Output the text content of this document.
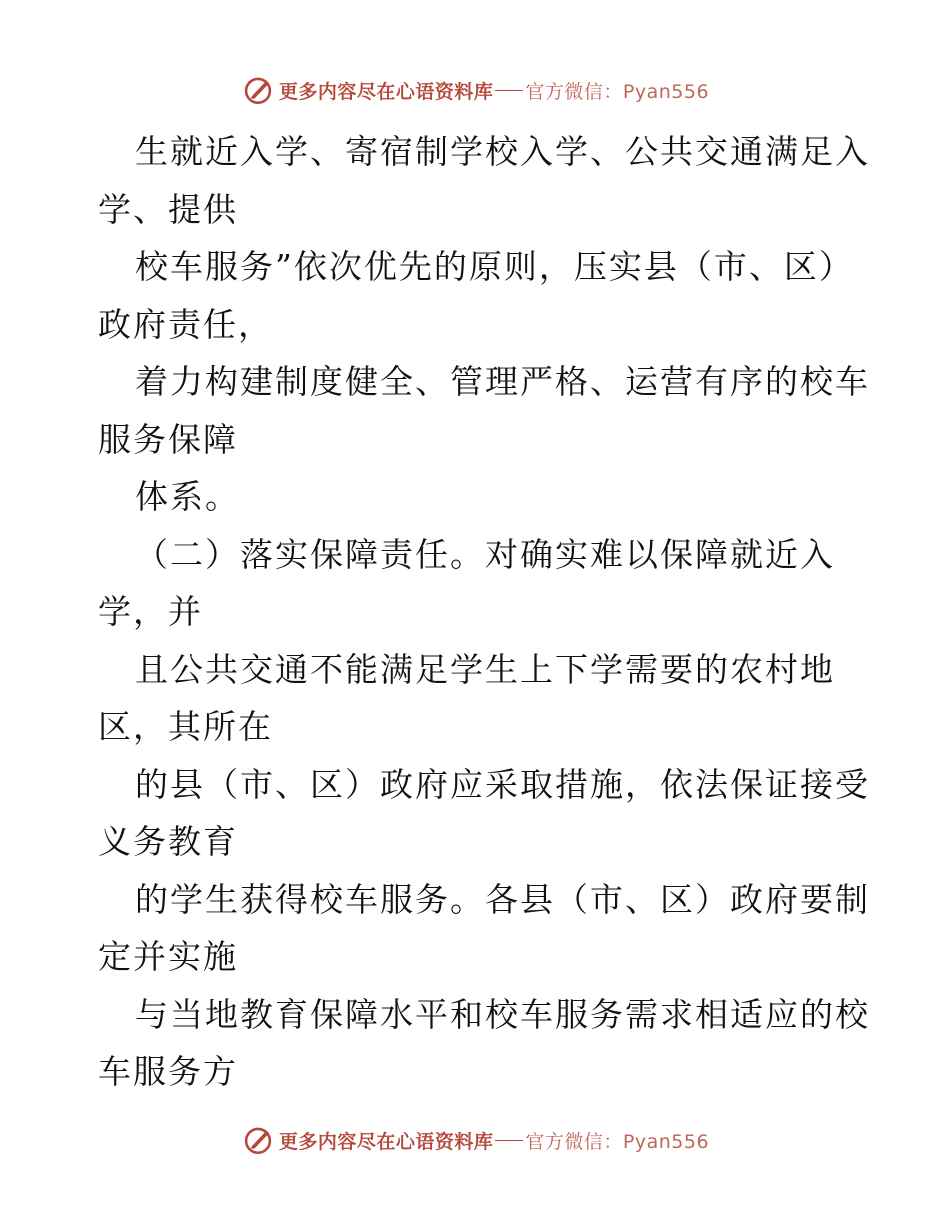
更多内容尽在心语资料库 官方微信：Pyan556
生就近入学、寄宿制学校入学、公共交通满足入
学、提供
校车服务”依次优先的原则，压实县（市、区）
政府责任，
着力构建制度健全、管理严格、运营有序的校车
服务保障
体系。
（二）落实保障责任。对确实难以保障就近入
学，并
且公共交通不能满足学生上下学需要的农村地
区，其所在
的县（市、区）政府应采取措施，依法保证接受
义务教育
的学生获得校车服务。各县（市、区）政府要制
定并实施
与当地教育保障水平和校车服务需求相适应的校
车服务方
更多内容尽在心语资料库 官方微信：Pyan556
